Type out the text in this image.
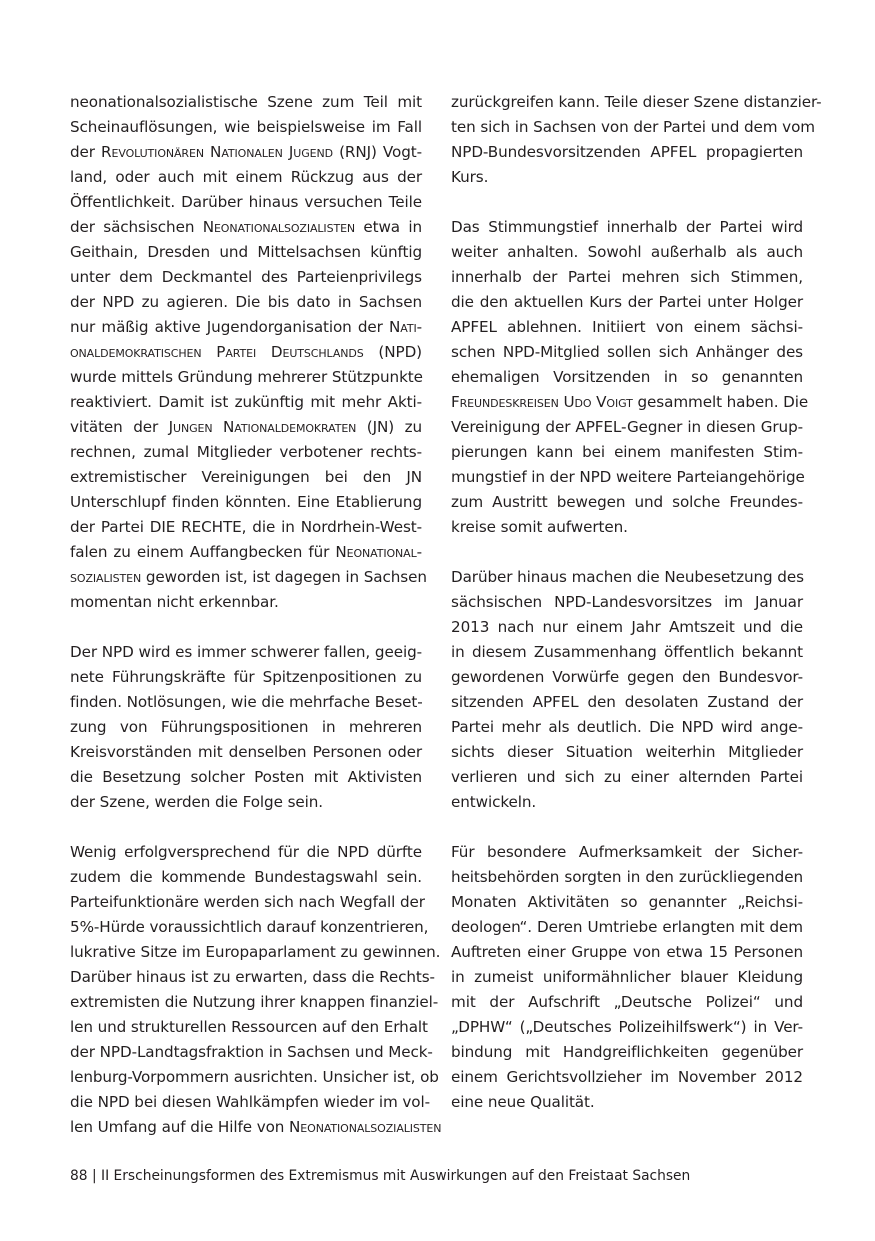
neonationalsozialistische Szene zum Teil mit
Scheinauflösungen, wie beispielsweise im Fall
der Revolutionären Nationalen Jugend (RNJ) Vogt-
land, oder auch mit einem Rückzug aus der
Öffentlichkeit. Darüber hinaus versuchen Teile
der sächsischen Neonationalsozialisten etwa in
Geithain, Dresden und Mittelsachsen künftig
unter dem Deckmantel des Parteienprivilegs
der NPD zu agieren. Die bis dato in Sachsen
nur mäßig aktive Jugendorganisation der Nati-
onaldemokratischen Partei Deutschlands (NPD)
wurde mittels Gründung mehrerer Stützpunkte
reaktiviert. Damit ist zukünftig mit mehr Akti-
vitäten der Jungen Nationaldemokraten (JN) zu
rechnen, zumal Mitglieder verbotener rechts-
extremistischer Vereinigungen bei den JN
Unterschlupf finden könnten. Eine Etablierung
der Partei DIE RECHTE, die in Nordrhein-West-
falen zu einem Auffangbecken für Neonational-
sozialisten geworden ist, ist dagegen in Sachsen
momentan nicht erkennbar.

Der NPD wird es immer schwerer fallen, geeig-
nete Führungskräfte für Spitzenpositionen zu
finden. Notlösungen, wie die mehrfache Beset-
zung von Führungspositionen in mehreren
Kreisvorständen mit denselben Personen oder
die Besetzung solcher Posten mit Aktivisten
der Szene, werden die Folge sein.

Wenig erfolgversprechend für die NPD dürfte
zudem die kommende Bundestagswahl sein.
Parteifunktionäre werden sich nach Wegfall der
5%-Hürde voraussichtlich darauf konzentrieren,
lukrative Sitze im Europaparlament zu gewinnen.
Darüber hinaus ist zu erwarten, dass die Rechts-
extremisten die Nutzung ihrer knappen finanziel-
len und strukturellen Ressourcen auf den Erhalt
der NPD-Landtagsfraktion in Sachsen und Meck-
lenburg-Vorpommern ausrichten. Unsicher ist, ob
die NPD bei diesen Wahlkämpfen wieder im vol-
len Umfang auf die Hilfe von Neonationalsozialisten

zurückgreifen kann. Teile dieser Szene distanzier-
ten sich in Sachsen von der Partei und dem vom
NPD-Bundesvorsitzenden APFEL propagierten
Kurs.

Das Stimmungstief innerhalb der Partei wird
weiter anhalten. Sowohl außerhalb als auch
innerhalb der Partei mehren sich Stimmen,
die den aktuellen Kurs der Partei unter Holger
APFEL ablehnen. Initiiert von einem sächsi-
schen NPD-Mitglied sollen sich Anhänger des
ehemaligen Vorsitzenden in so genannten
Freundeskreisen Udo Voigt gesammelt haben. Die
Vereinigung der APFEL-Gegner in diesen Grup-
pierungen kann bei einem manifesten Stim-
mungstief in der NPD weitere Parteiangehörige
zum Austritt bewegen und solche Freundes-
kreise somit aufwerten.

Darüber hinaus machen die Neubesetzung des
sächsischen NPD-Landesvorsitzes im Januar
2013 nach nur einem Jahr Amtszeit und die
in diesem Zusammenhang öffentlich bekannt
gewordenen Vorwürfe gegen den Bundesvor-
sitzenden APFEL den desolaten Zustand der
Partei mehr als deutlich. Die NPD wird ange-
sichts dieser Situation weiterhin Mitglieder
verlieren und sich zu einer alternden Partei
entwickeln.

Für besondere Aufmerksamkeit der Sicher-
heitsbehörden sorgten in den zurückliegenden
Monaten Aktivitäten so genannter „Reichsi-
deologen“. Deren Umtriebe erlangten mit dem
Auftreten einer Gruppe von etwa 15 Personen
in zumeist uniformähnlicher blauer Kleidung
mit der Aufschrift „Deutsche Polizei“ und
„DPHW“ („Deutsches Polizeihilfswerk“) in Ver-
bindung mit Handgreiflichkeiten gegenüber
einem Gerichtsvollzieher im November 2012
eine neue Qualität.

88 | II Erscheinungsformen des Extremismus mit Auswirkungen auf den Freistaat Sachsen
